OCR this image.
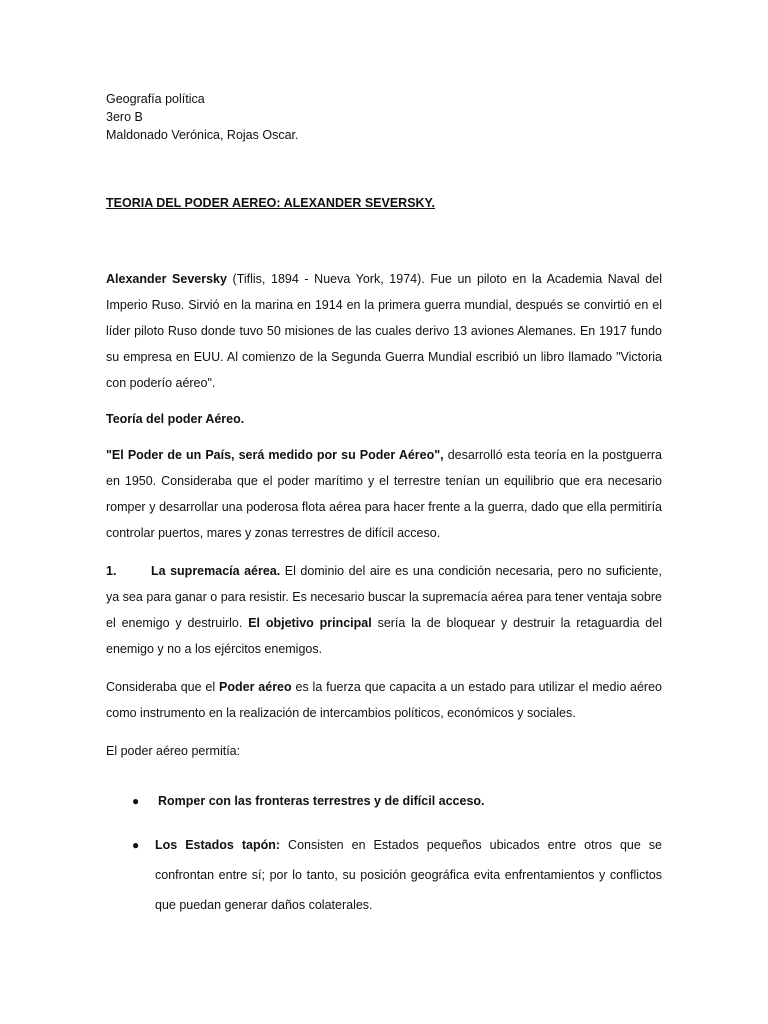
Geografía política

3ero B

Maldonado Verónica, Rojas Oscar.

TEORIA DEL PODER AEREO: ALEXANDER SEVERSKY.

Alexander Seversky (Tiflis, 1894 - Nueva York, 1974). Fue un piloto en la Academia Naval del Imperio Ruso. Sirvió en la marina en 1914 en la primera guerra mundial, después se convirtió en el líder piloto Ruso donde tuvo 50 misiones de las cuales derivo 13 aviones Alemanes. En 1917 fundo su empresa en EUU. Al comienzo de la Segunda Guerra Mundial escribió un libro llamado "Victoria con poderío aéreo".

Teoría del poder Aéreo.

"El Poder de un País, será medido por su Poder Aéreo", desarrolló esta teoría en la postguerra en 1950. Consideraba que el poder marítimo y el terrestre tenían un equilibrio que era necesario romper y desarrollar una poderosa flota aérea para hacer frente a la guerra, dado que ella permitiría controlar puertos, mares y zonas terrestres de difícil acceso.

1.	La supremacía aérea. El dominio del aire es una condición necesaria, pero no suficiente, ya sea para ganar o para resistir. Es necesario buscar la supremacía aérea para tener ventaja sobre el enemigo y destruirlo. El objetivo principal sería la de bloquear y destruir la retaguardia del enemigo y no a los ejércitos enemigos.

Consideraba que el Poder aéreo es la fuerza que capacita a un estado para utilizar el medio aéreo como instrumento en la realización de intercambios políticos, económicos y sociales.

El poder aéreo permitía:

● Romper con las fronteras terrestres y de difícil acceso.
● Los Estados tapón: Consisten en Estados pequeños ubicados entre otros que se confrontan entre sí; por lo tanto, su posición geográfica evita enfrentamientos y conflictos que puedan generar daños colaterales.
